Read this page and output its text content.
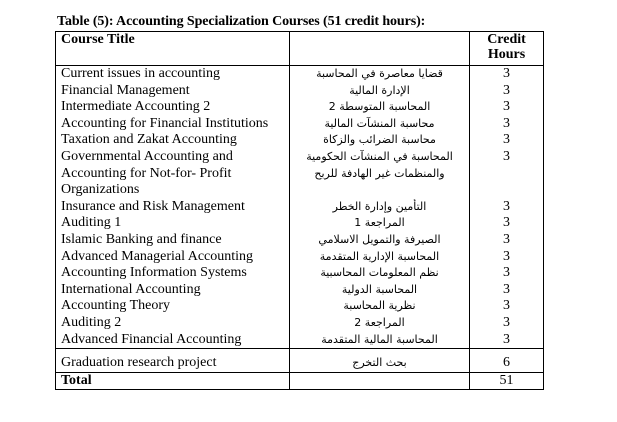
Table (5): Accounting Specialization Courses (51 credit hours):
Course Title		Credit Hours
Current issues in accounting	قضايا معاصرة في المحاسبة	3
Financial Management	الإدارة المالية	3
Intermediate Accounting 2	المحاسبة المتوسطة 2	3
Accounting for Financial Institutions	محاسبة المنشآت المالية	3
Taxation and Zakat Accounting	محاسبة الضرائب والزكاة	3
Governmental Accounting and Accounting for Not-for- Profit Organizations	المحاسبة في المنشآت الحكومية والمنظمات غير الهادفة للربح	3
Insurance and Risk Management	التأمين وإدارة الخطر	3
Auditing 1	المراجعة 1	3
Islamic Banking and finance	الصيرفة والتمويل الاسلامي	3
Advanced Managerial Accounting	المحاسبة الإدارية المتقدمة	3
Accounting Information Systems	نظم المعلومات المحاسبية	3
International Accounting	المحاسبة الدولية	3
Accounting Theory	نظرية المحاسبة	3
Auditing 2	المراجعة 2	3
Advanced Financial Accounting	المحاسبة المالية المتقدمة	3
Graduation research project	بحث التخرج	6
Total		51
